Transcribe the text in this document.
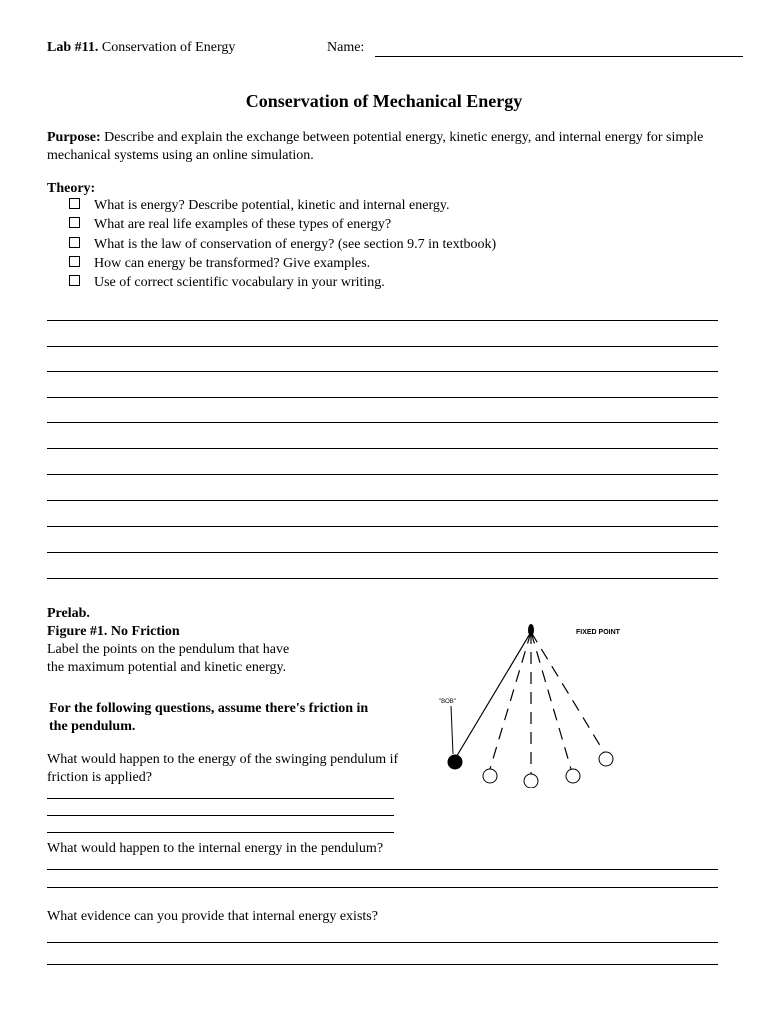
Lab #11. Conservation of Energy	Name:
Conservation of Mechanical Energy
Purpose: Describe and explain the exchange between potential energy, kinetic energy, and internal energy for simple mechanical systems using an online simulation.
Theory:
What is energy? Describe potential, kinetic and internal energy.
What are real life examples of these types of energy?
What is the law of conservation of energy? (see section 9.7 in textbook)
How can energy be transformed? Give examples.
Use of correct scientific vocabulary in your writing.
Prelab.
Figure #1. No Friction
Label the points on the pendulum that have the maximum potential and kinetic energy.
For the following questions, assume there's friction in the pendulum.
What would happen to the energy of the swinging pendulum if friction is applied?
What would happen to the internal energy in the pendulum?
What evidence can you provide that internal energy exists?
FIXED POINT
"BOB"
